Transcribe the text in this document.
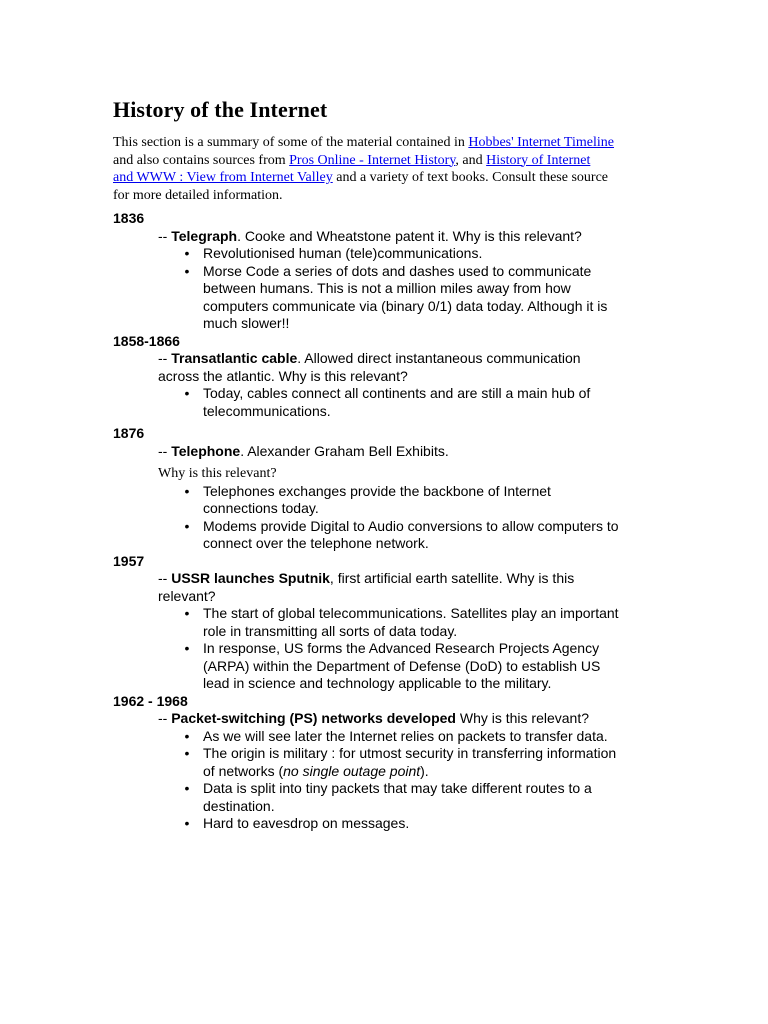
History of the Internet
This section is a summary of some of the material contained in Hobbes' Internet Timeline
and also contains sources from Pros Online - Internet History, and History of Internet
and WWW : View from Internet Valley and a variety of text books. Consult these source
for more detailed information.
1836
-- Telegraph. Cooke and Wheatstone patent it. Why is this relevant?
• Revolutionised human (tele)communications.
• Morse Code a series of dots and dashes used to communicate
between humans. This is not a million miles away from how
computers communicate via (binary 0/1) data today. Although it is
much slower!!
1858-1866
-- Transatlantic cable. Allowed direct instantaneous communication
across the atlantic. Why is this relevant?
• Today, cables connect all continents and are still a main hub of
telecommunications.
1876
-- Telephone. Alexander Graham Bell Exhibits.
Why is this relevant?
• Telephones exchanges provide the backbone of Internet
connections today.
• Modems provide Digital to Audio conversions to allow computers to
connect over the telephone network.
1957
-- USSR launches Sputnik, first artificial earth satellite. Why is this
relevant?
• The start of global telecommunications. Satellites play an important
role in transmitting all sorts of data today.
• In response, US forms the Advanced Research Projects Agency
(ARPA) within the Department of Defense (DoD) to establish US
lead in science and technology applicable to the military.
1962 - 1968
-- Packet-switching (PS) networks developed Why is this relevant?
• As we will see later the Internet relies on packets to transfer data.
• The origin is military : for utmost security in transferring information
of networks (no single outage point).
• Data is split into tiny packets that may take different routes to a
destination.
• Hard to eavesdrop on messages.
